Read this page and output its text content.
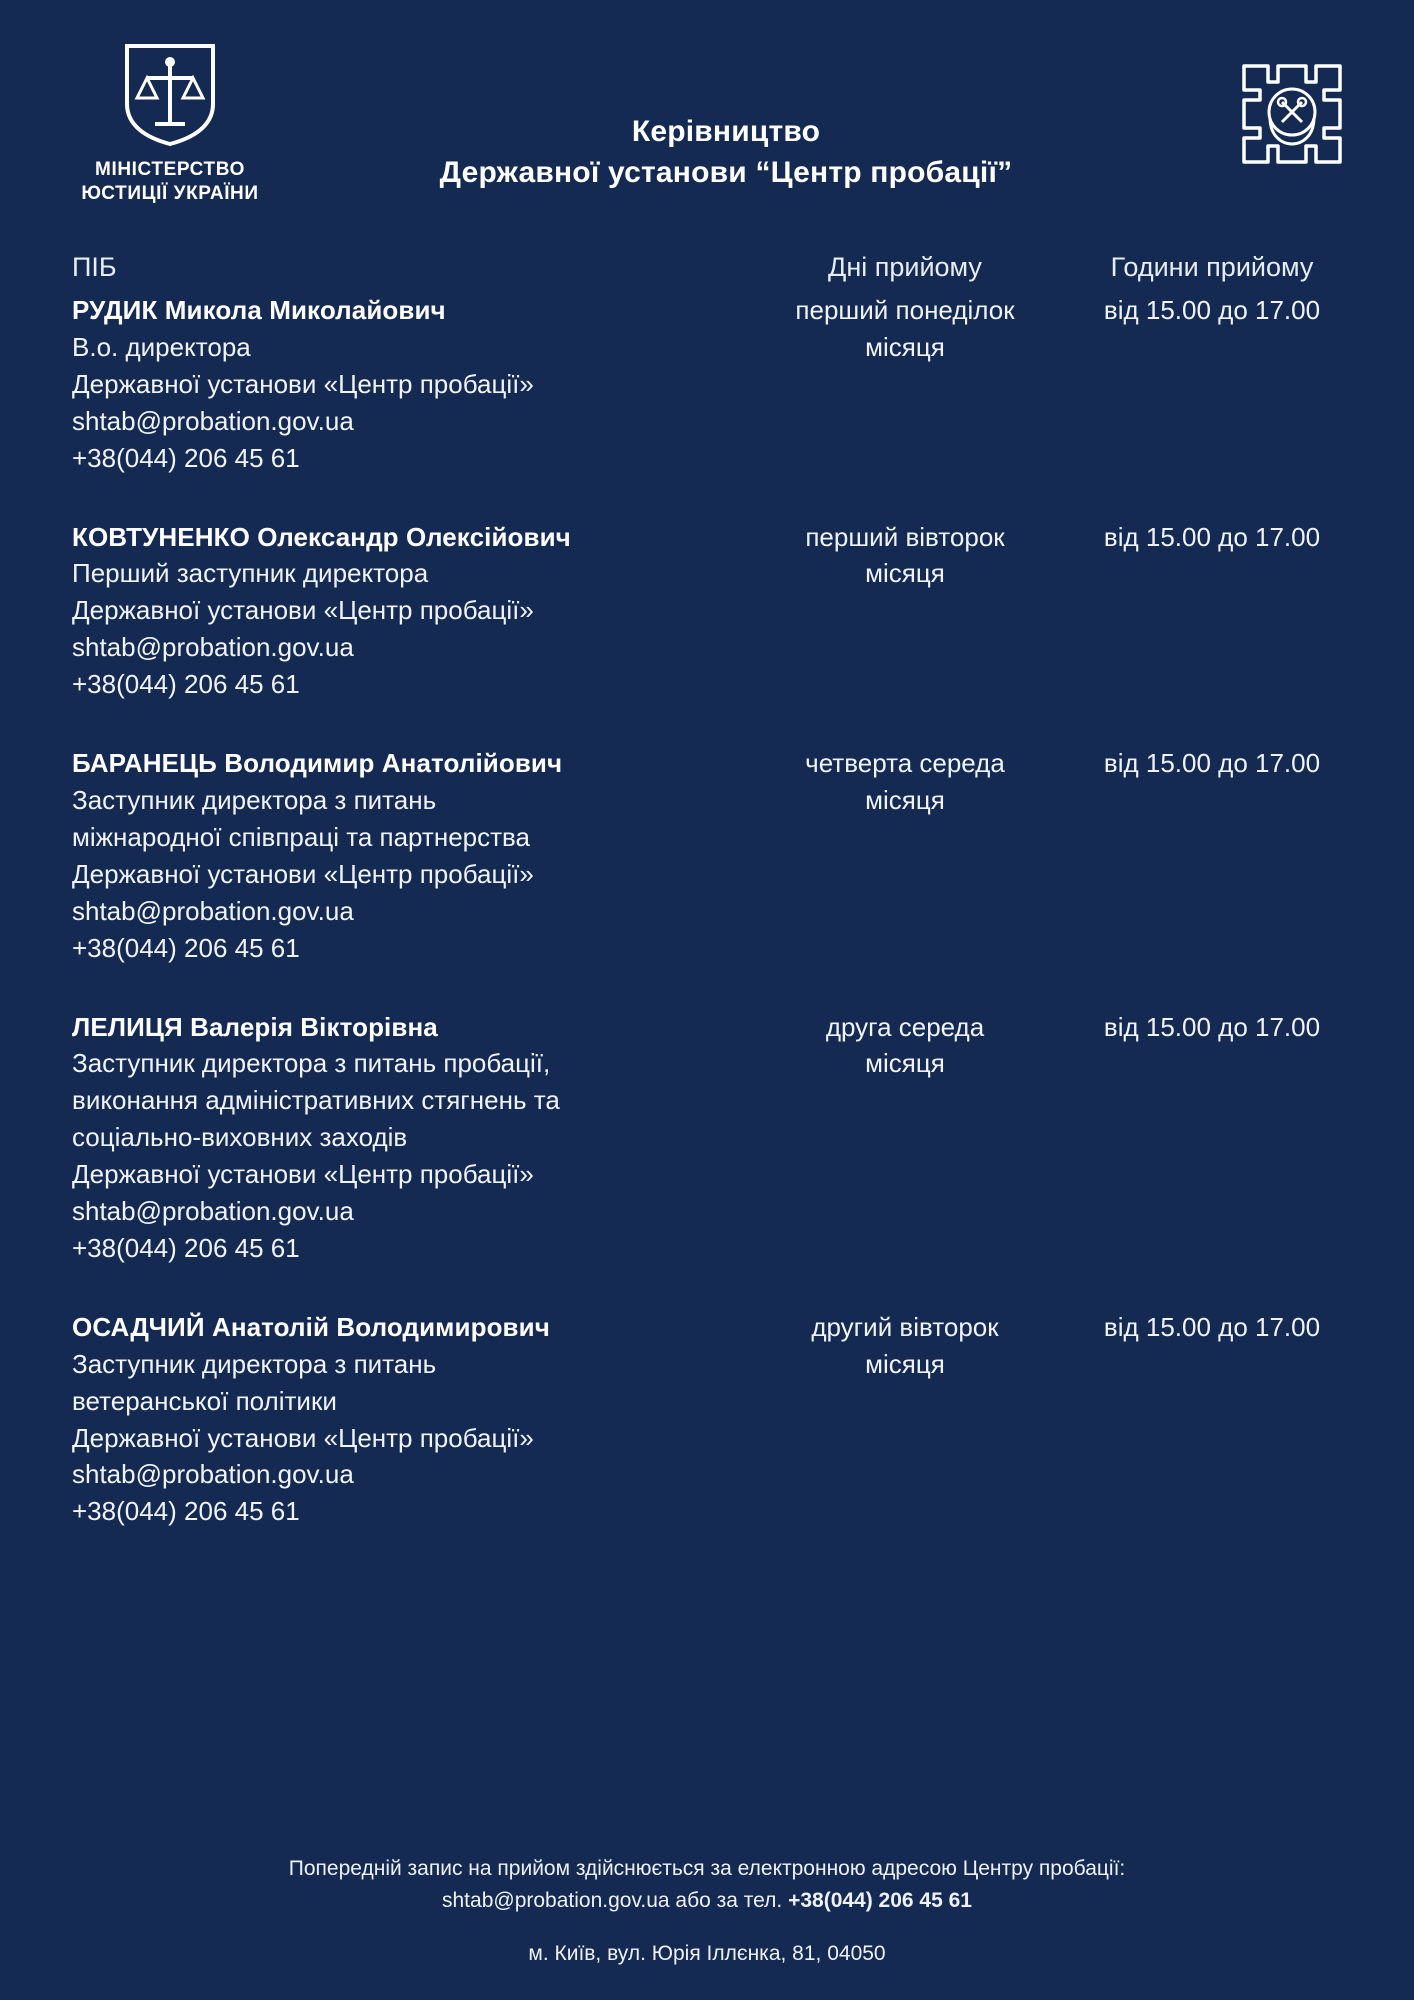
МІНІСТЕРСТВО
ЮСТИЦІЇ УКРАЇНИ
Керівництво
Державної установи “Центр пробації”
ПІБ	Дні прийому	Години прийому
РУДИК Микола Миколайович
В.о. директора
Державної установи «Центр пробації»
shtab@probation.gov.ua
+38(044) 206 45 61
перший понеділок місяця
від 15.00 до 17.00
КОВТУНЕНКО Олександр Олексійович
Перший заступник директора
Державної установи «Центр пробації»
shtab@probation.gov.ua
+38(044) 206 45 61
перший вівторок місяця
від 15.00 до 17.00
БАРАНЕЦЬ Володимир Анатолійович
Заступник директора з питань
міжнародної співпраці та партнерства
Державної установи «Центр пробації»
shtab@probation.gov.ua
+38(044) 206 45 61
четверта середа місяця
від 15.00 до 17.00
ЛЕЛИЦЯ Валерія Вікторівна
Заступник директора з питань пробації,
виконання адміністративних стягнень та
соціально-виховних заходів
Державної установи «Центр пробації»
shtab@probation.gov.ua
+38(044) 206 45 61
друга середа місяця
від 15.00 до 17.00
ОСАДЧИЙ Анатолій Володимирович
Заступник директора з питань
ветеранської політики
Державної установи «Центр пробації»
shtab@probation.gov.ua
+38(044) 206 45 61
другий вівторок місяця
від 15.00 до 17.00
Попередній запис на прийом здійснюється за електронною адресою Центру пробації:
shtab@probation.gov.ua або за тел. +38(044) 206 45 61
м. Київ, вул. Юрія Іллєнка, 81, 04050
